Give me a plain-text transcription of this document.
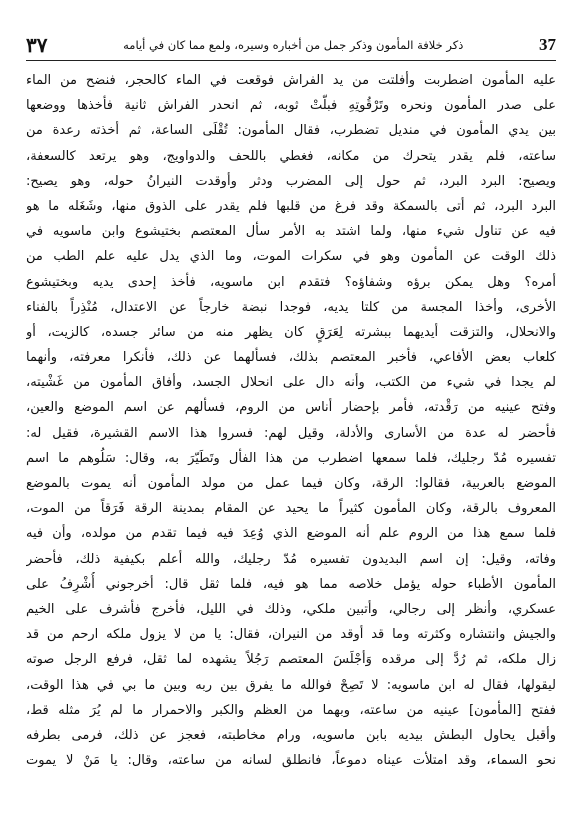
٣٧	ذكر خلافة المأمون وذكر جمل من أخباره وسيره، ولمع مما كان في أيامه	37
عليه المأمون اضطربت وأفلتت من يد الفراش فوقعت في الماء كالحجر، فنضح من الماء
على صدر المأمون ونحره وتَرْقُوتِهِ فبلّتْ ثوبه، ثم انحدر الفراش ثانية فأخذها ووضعها
بين يدي المأمون في منديل تضطرب، فقال المأمون: تُقْلَى الساعة، ثم أخذته رعدة من
ساعته، فلم يقدر يتحرك من مكانه، فغطي باللحف والدواويج، وهو يرتعد كالسعفة،
ويصيح: البرد البرد، ثم حول إلى المضرب ودثر وأوقدت النيرانُ حوله، وهو يصيح:
البرد البرد، ثم أتى بالسمكة وقد فرغ من قلبها فلم يقدر على الذوق منها، وشَغَله ما هو
فيه عن تناول شيء منها، ولما اشتد به الأمر سأل المعتصم بختيشوع وابن ماسويه في
ذلك الوقت عن المأمون وهو في سكرات الموت، وما الذي يدل عليه علم الطب من
أمره؟ وهل يمكن برؤه وشفاؤه؟ فتقدم ابن ماسويه، فأخذ إحدى يديه وبختيشوع
الأخرى، وأخذا المجسة من كلتا يديه، فوجدا نبضة خارجاً عن الاعتدال، مُنْذِراً بالفناء
والانحلال، والتزقت أيديهما ببشرته لِعَرَقٍ كان يظهر منه من سائر جسده، كالزيت، أو
كلعاب بعض الأفاعي، فأخبر المعتصم بذلك، فسألهما عن ذلك، فأنكرا معرفته، وأنهما
لم يجدا في شيء من الكتب، وأنه دال على انحلال الجسد، وأفاق المأمون من غَشْيته،
وفتح عينيه من رَقْدته، فأمر بإحضار أناس من الروم، فسألهم عن اسم الموضع والعين،
فأحضر له عدة من الأسارى والأدلة، وقيل لهم: فسروا هذا الاسم القشيرة، فقيل له:
تفسيره مُدّ رجليك، فلما سمعها اضطرب من هذا الفأل وتَطَيّرَ به، وقال: سَلُوهم ما اسم
الموضع بالعربية، فقالوا: الرقة، وكان فيما عمل من مولد المأمون أنه يموت بالموضع
المعروف بالرقة، وكان المأمون كثيراً ما يحيد عن المقام بمدينة الرقة فَرَقاً من الموت،
فلما سمع هذا من الروم علم أنه الموضع الذي وُعِدَ فيه فيما تقدم من مولده، وأن فيه
وفاته، وقيل: إن اسم البديدون تفسيره مُدّ رجليك، والله أعلم بكيفية ذلك، فأحضر
المأمون الأطباء حوله يؤمل خلاصه مما هو فيه، فلما ثقل قال: أخرجوني أُشْرِفُ على
عسكري، وأنظر إلى رجالي، وأتبين ملكي، وذلك في الليل، فأخرج فأشرف على الخيم
والجيش وانتشاره وكثرته وما قد أوقد من النيران، فقال: يا من لا يزول ملكه ارحم من قد
زال ملكه، ثم رُدَّ إلى مرقده وَأجْلَسَ المعتصم رَجُلاً يشهده لما ثقل، فرفع الرجل صوته
ليقولها، فقال له ابن ماسويه: لا تَصِحْ فوالله ما يفرق بين ربه وبين ما بي في هذا الوقت،
ففتح [المأمون] عينيه من ساعته، وبهما من العظم والكبر والاحمرار ما لم يُرَ مثله قط،
وأقبل يحاول البطش بيديه بابن ماسويه، ورام مخاطبته، فعجز عن ذلك، فرمى بطرفه
نحو السماء، وقد امتلأت عيناه دموعاً، فانطلق لسانه من ساعته، وقال: يا مَنْ لا يموت
